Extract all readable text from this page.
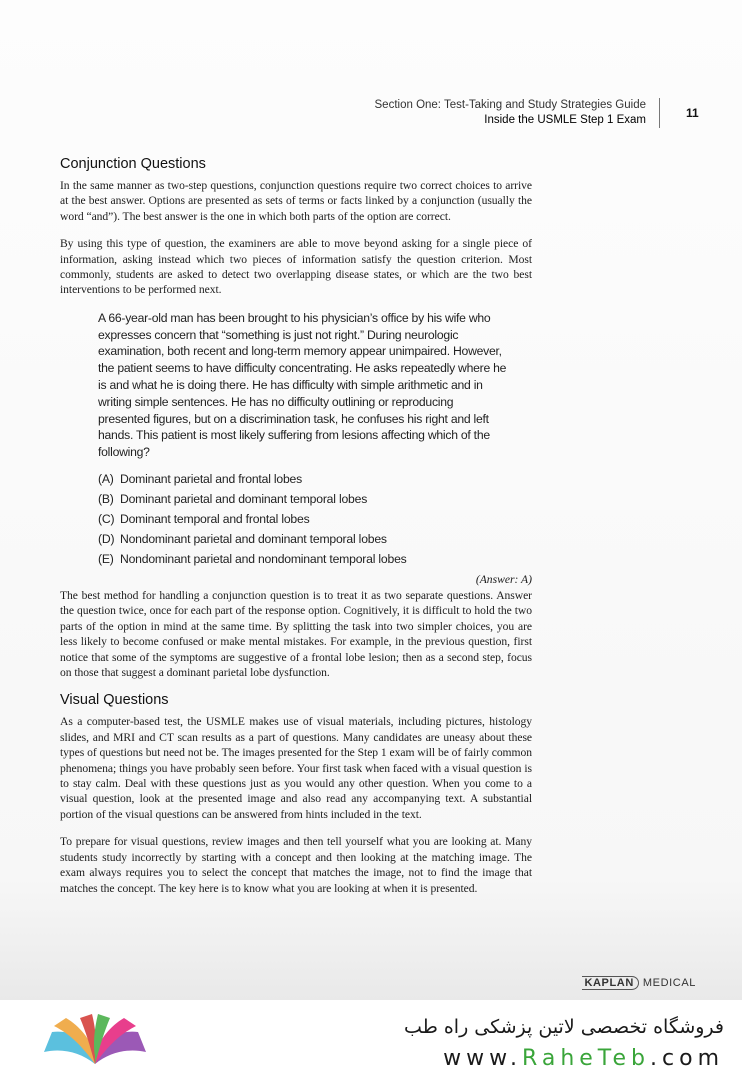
Section One: Test-Taking and Study Strategies Guide
Inside the USMLE Step 1 Exam	11
Conjunction Questions

In the same manner as two-step questions, conjunction questions require two correct choices to arrive at the best answer. Options are presented as sets of terms or facts linked by a conjunction (usually the word “and”). The best answer is the one in which both parts of the option are correct.

By using this type of question, the examiners are able to move beyond asking for a single piece of information, asking instead which two pieces of information satisfy the question criterion. Most commonly, students are asked to detect two overlapping disease states, or which are the two best interventions to be performed next.

A 66-year-old man has been brought to his physician’s office by his wife who expresses concern that “something is just not right.” During neurologic examination, both recent and long-term memory appear unimpaired. However, the patient seems to have difficulty concentrating. He asks repeatedly where he is and what he is doing there. He has difficulty with simple arithmetic and in writing simple sentences. He has no difficulty outlining or reproducing presented figures, but on a discrimination task, he confuses his right and left hands. This patient is most likely suffering from lesions affecting which of the following?

(A) Dominant parietal and frontal lobes
(B) Dominant parietal and dominant temporal lobes
(C) Dominant temporal and frontal lobes
(D) Nondominant parietal and dominant temporal lobes
(E) Nondominant parietal and nondominant temporal lobes
(Answer: A)

The best method for handling a conjunction question is to treat it as two separate questions. Answer the question twice, once for each part of the response option. Cognitively, it is difficult to hold the two parts of the option in mind at the same time. By splitting the task into two simpler choices, you are less likely to become confused or make mental mistakes. For example, in the previous question, first notice that some of the symptoms are suggestive of a frontal lobe lesion; then as a second step, focus on those that suggest a dominant parietal lobe dysfunction.

Visual Questions

As a computer-based test, the USMLE makes use of visual materials, including pictures, histology slides, and MRI and CT scan results as a part of questions. Many candidates are uneasy about these types of questions but need not be. The images presented for the Step 1 exam will be of fairly common phenomena; things you have probably seen before. Your first task when faced with a visual question is to stay calm. Deal with these questions just as you would any other question. When you come to a visual question, look at the presented image and also read any accompanying text. A substantial portion of the visual questions can be answered from hints included in the text.

To prepare for visual questions, review images and then tell yourself what you are looking at. Many students study incorrectly by starting with a concept and then looking at the matching image. The exam always requires you to select the concept that matches the image, not to find the image that matches the concept. The key here is to know what you are looking at when it is presented.

KAPLAN MEDICAL
فروشگاه تخصصی لاتین پزشکی راه طب
www.RaheTeb.com
